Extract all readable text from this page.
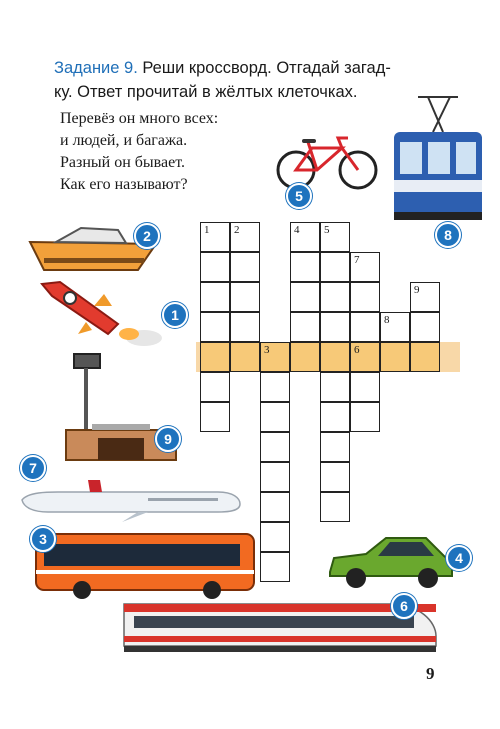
Задание 9. Реши кроссворд. Отгадай загад-
ку. Ответ прочитай в жёлтых клеточках.
Перевёз он много всех:
и людей, и багажа.
Разный он бывает.
Как его называют?
5
8
2
1
9
7
3
4
6
1 2
3
4 5
7
6
8
9
9
